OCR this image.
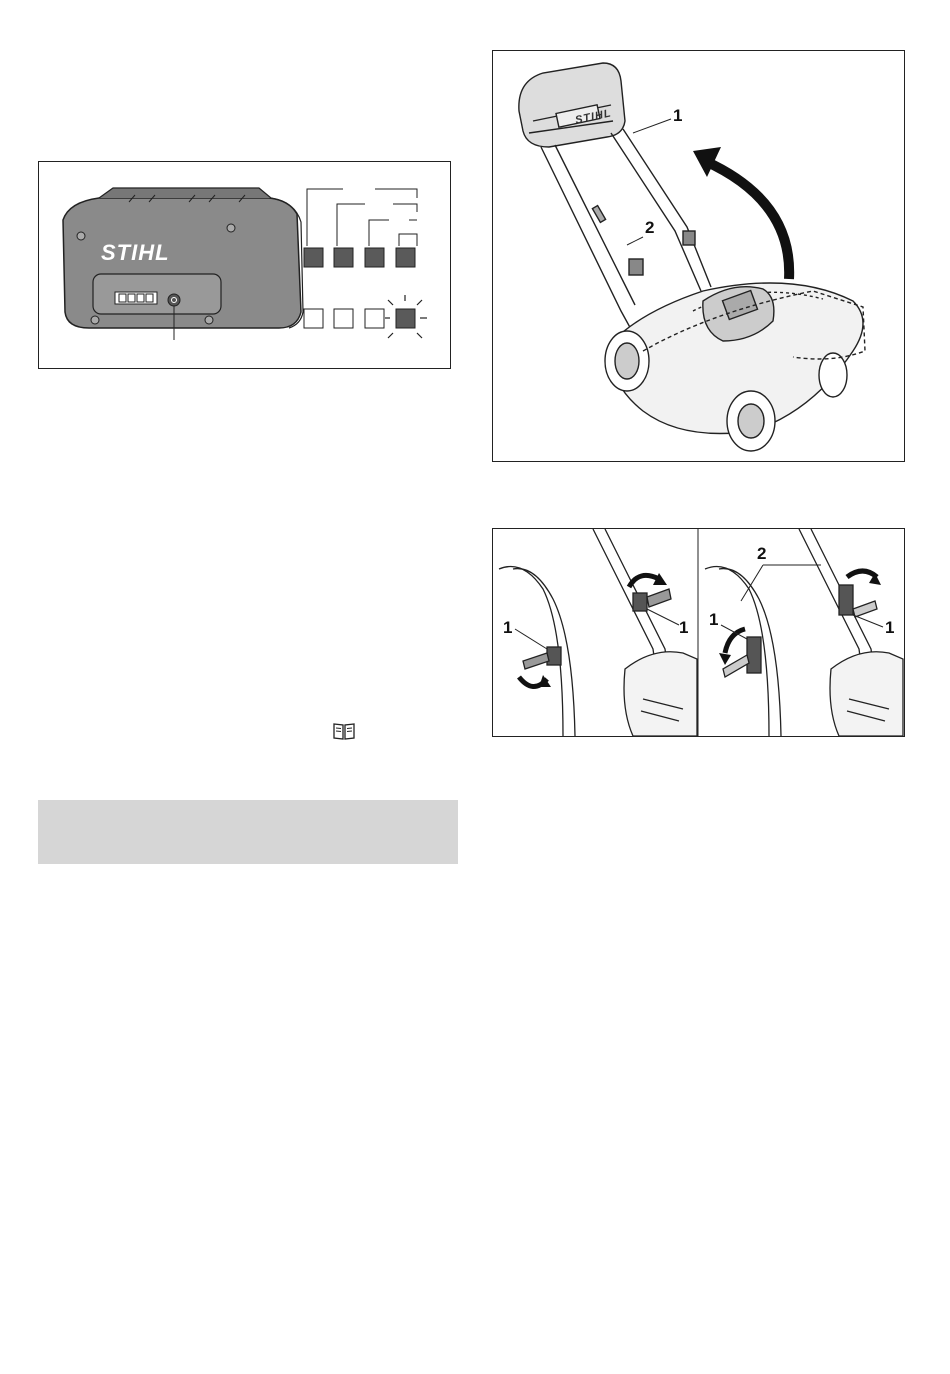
STIHL
STIHL	1
2
1	1 1	1
2
